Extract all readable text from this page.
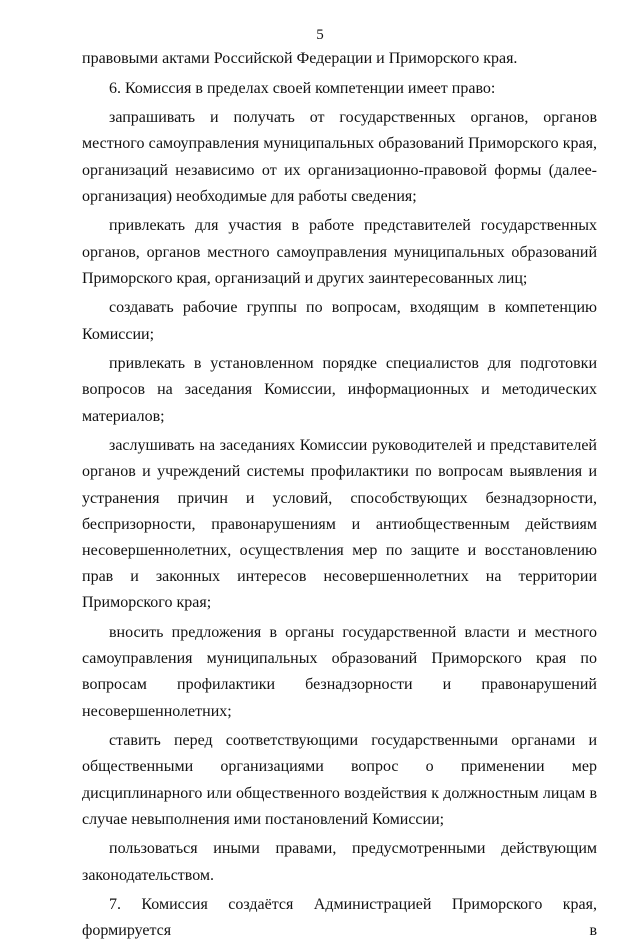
5

правовыми актами Российской Федерации и Приморского края.

6. Комиссия в пределах своей компетенции имеет право:

запрашивать и получать от государственных органов, органов местного самоуправления муниципальных образований Приморского края, организаций независимо от их организационно-правовой формы (далее-организация) необходимые для работы сведения;

привлекать для участия в работе представителей государственных органов, органов местного самоуправления муниципальных образований Приморского края, организаций и других заинтересованных лиц;

создавать рабочие группы по вопросам, входящим в компетенцию Комиссии;

привлекать в установленном порядке специалистов для подготовки вопросов на заседания Комиссии, информационных и методических материалов;

заслушивать на заседаниях Комиссии руководителей и представителей органов и учреждений системы профилактики по вопросам выявления и устранения причин и условий, способствующих безнадзорности, беспризорности, правонарушениям и антиобщественным действиям несовершеннолетних, осуществления мер по защите и восстановлению прав и законных интересов несовершеннолетних на территории Приморского края;

вносить предложения в органы государственной власти и местного самоуправления муниципальных образований Приморского края по вопросам профилактики безнадзорности и правонарушений несовершеннолетних;

ставить перед соответствующими государственными органами и общественными организациями вопрос о применении мер дисциплинарного или общественного воздействия к должностным лицам в случае невыполнения ими постановлений Комиссии;

пользоваться иными правами, предусмотренными действующим законодательством.

7. Комиссия создаётся Администрацией Приморского края, формируется в
